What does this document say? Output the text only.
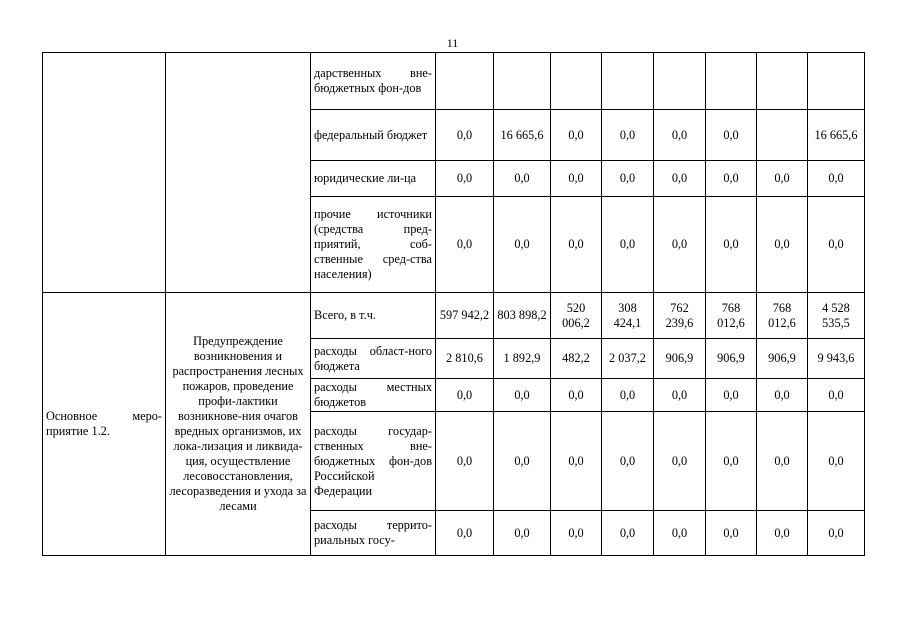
11
		дарственных вне-бюджетных фон-дов								
		федеральный бюджет	0,0	16 665,6	0,0	0,0	0,0	0,0		16 665,6
		юридические ли-ца	0,0	0,0	0,0	0,0	0,0	0,0	0,0	0,0
		прочие источники (средства пред-приятий, соб-ственные сред-ства населения)	0,0	0,0	0,0	0,0	0,0	0,0	0,0	0,0
Основное меро-приятие 1.2.	Предупреждение возникновения и распространения лесных пожаров, проведение профи-лактики возникнове-ния очагов вредных организмов, их лока-лизация и ликвида-ция, осуществление лесовосстановления, лесоразведения и ухода за лесами	Всего, в т.ч.	597 942,2	803 898,2	520 006,2	308 424,1	762 239,6	768 012,6	768 012,6	4 528 535,5
		расходы област-ного бюджета	2 810,6	1 892,9	482,2	2 037,2	906,9	906,9	906,9	9 943,6
		расходы местных бюджетов	0,0	0,0	0,0	0,0	0,0	0,0	0,0	0,0
		расходы государ-ственных вне-бюджетных фон-дов Российской Федерации	0,0	0,0	0,0	0,0	0,0	0,0	0,0	0,0
		расходы террито-риальных госу-	0,0	0,0	0,0	0,0	0,0	0,0	0,0	0,0
